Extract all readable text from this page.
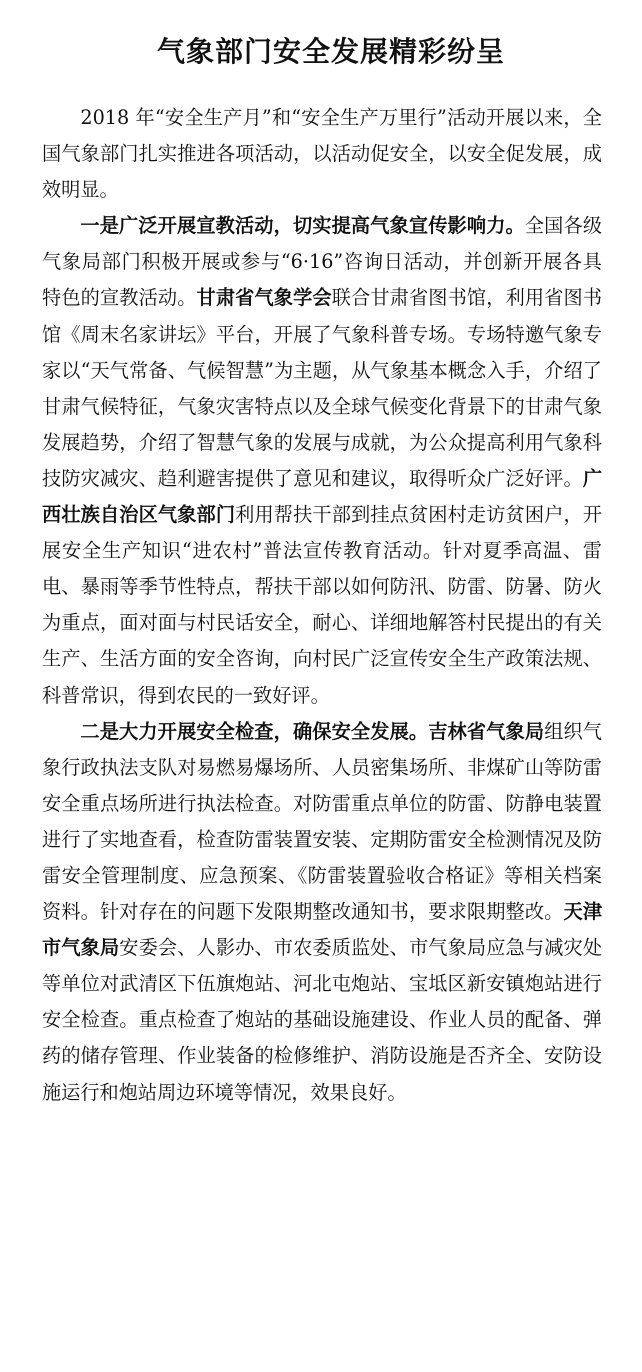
气象部门安全发展精彩纷呈

2018 年“安全生产月”和“安全生产万里行”活动开展以来，全国气象部门扎实推进各项活动，以活动促安全，以安全促发展，成效明显。

一是广泛开展宣教活动，切实提高气象宣传影响力。全国各级气象局部门积极开展或参与“6·16”咨询日活动，并创新开展各具特色的宣教活动。甘肃省气象学会联合甘肃省图书馆，利用省图书馆《周末名家讲坛》平台，开展了气象科普专场。专场特邀气象专家以“天气常备、气候智慧”为主题，从气象基本概念入手，介绍了甘肃气候特征，气象灾害特点以及全球气候变化背景下的甘肃气象发展趋势，介绍了智慧气象的发展与成就，为公众提高利用气象科技防灾减灾、趋利避害提供了意见和建议，取得听众广泛好评。广西壮族自治区气象部门利用帮扶干部到挂点贫困村走访贫困户，开展安全生产知识“进农村”普法宣传教育活动。针对夏季高温、雷电、暴雨等季节性特点，帮扶干部以如何防汛、防雷、防暑、防火为重点，面对面与村民话安全，耐心、详细地解答村民提出的有关生产、生活方面的安全咨询，向村民广泛宣传安全生产政策法规、科普常识，得到农民的一致好评。

二是大力开展安全检查，确保安全发展。吉林省气象局组织气象行政执法支队对易燃易爆场所、人员密集场所、非煤矿山等防雷安全重点场所进行执法检查。对防雷重点单位的防雷、防静电装置进行了实地查看，检查防雷装置安装、定期防雷安全检测情况及防雷安全管理制度、应急预案、《防雷装置验收合格证》等相关档案资料。针对存在的问题下发限期整改通知书，要求限期整改。天津市气象局安委会、人影办、市农委质监处、市气象局应急与减灾处等单位对武清区下伍旗炮站、河北屯炮站、宝坻区新安镇炮站进行安全检查。重点检查了炮站的基础设施建设、作业人员的配备、弹药的储存管理、作业装备的检修维护、消防设施是否齐全、安防设施运行和炮站周边环境等情况，效果良好。
